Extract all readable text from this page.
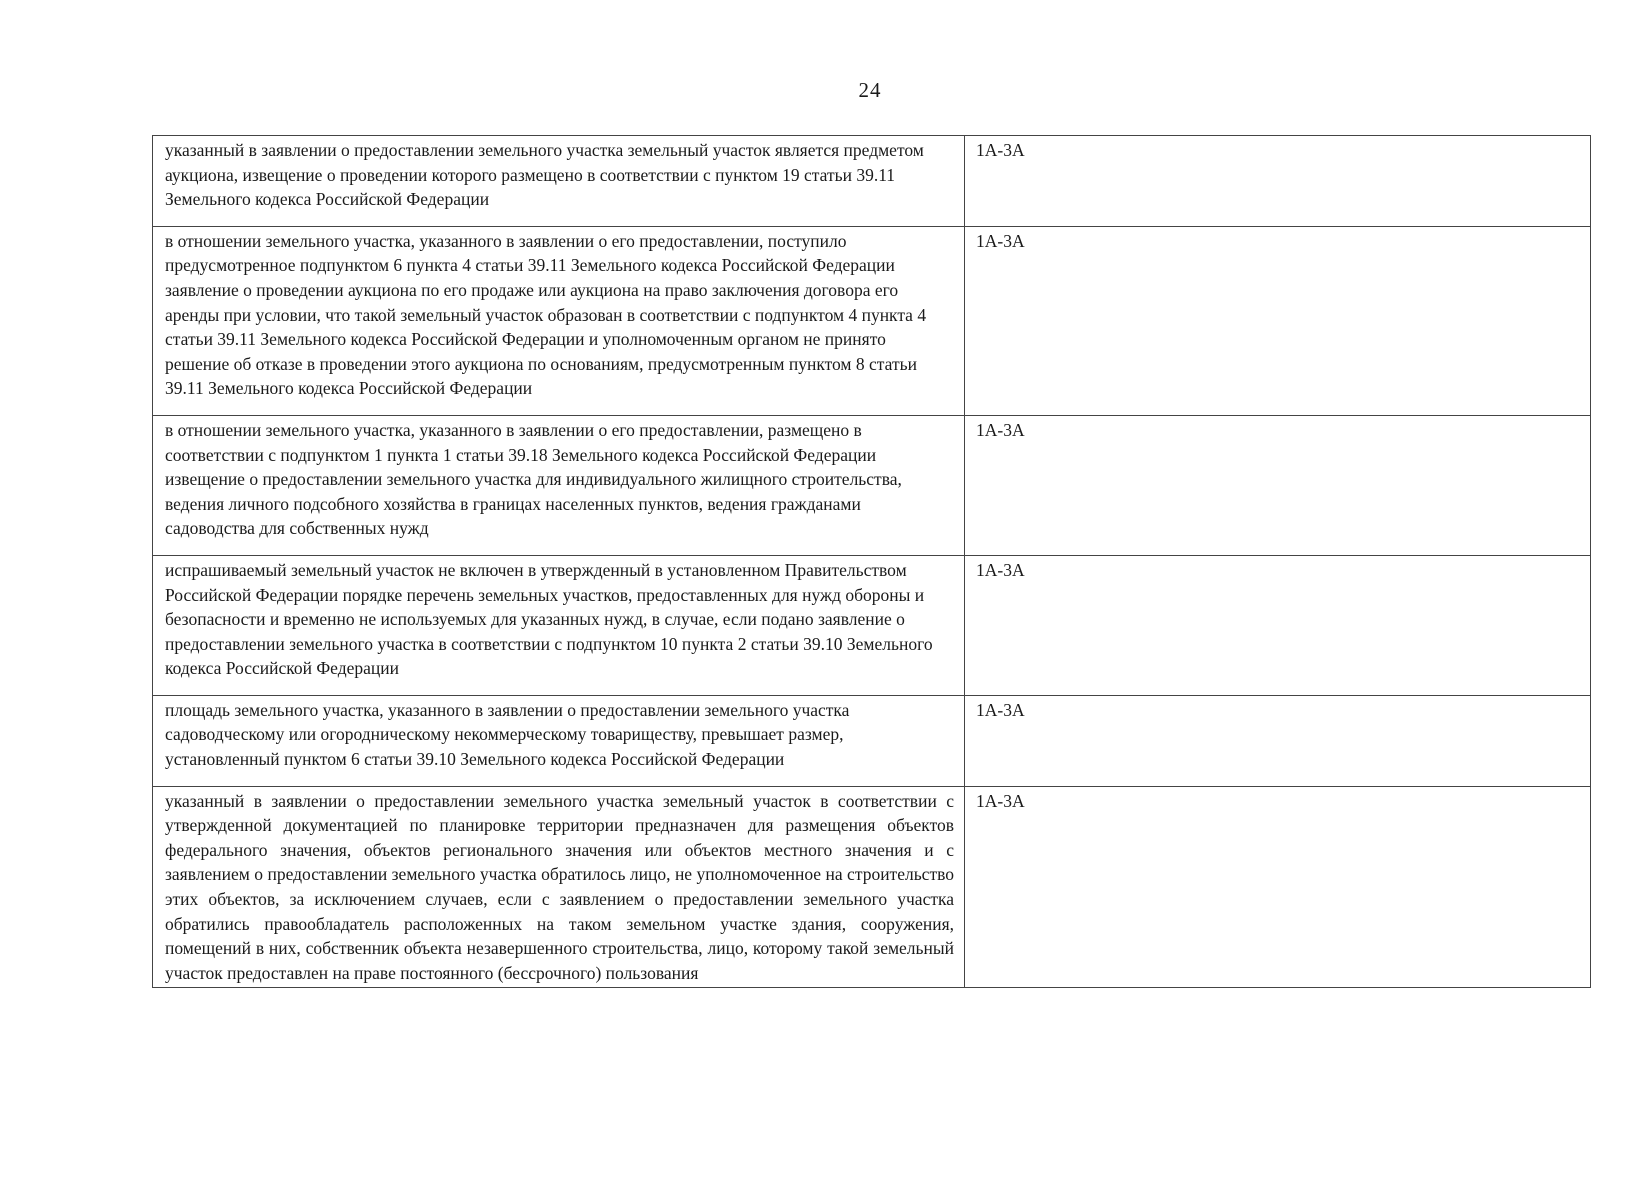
24
указанный в заявлении о предоставлении земельного участка земельный участок является предметом аукциона, извещение о проведении которого размещено в соответствии с пунктом 19 статьи 39.11 Земельного кодекса Российской Федерации	1А-3А
в отношении земельного участка, указанного в заявлении о его предоставлении, поступило предусмотренное подпунктом 6 пункта 4 статьи 39.11 Земельного кодекса Российской Федерации заявление о проведении аукциона по его продаже или аукциона на право заключения договора его аренды при условии, что такой земельный участок образован в соответствии с подпунктом 4 пункта 4 статьи 39.11 Земельного кодекса Российской Федерации и уполномоченным органом не принято решение об отказе в проведении этого аукциона по основаниям, предусмотренным пунктом 8 статьи 39.11 Земельного кодекса Российской Федерации	1А-3А
в отношении земельного участка, указанного в заявлении о его предоставлении, размещено в соответствии с подпунктом 1 пункта 1 статьи 39.18 Земельного кодекса Российской Федерации извещение о предоставлении земельного участка для индивидуального жилищного строительства, ведения личного подсобного хозяйства в границах населенных пунктов, ведения гражданами садоводства для собственных нужд	1А-3А
испрашиваемый земельный участок не включен в утвержденный в установленном Правительством Российской Федерации порядке перечень земельных участков, предоставленных для нужд обороны и безопасности и временно не используемых для указанных нужд, в случае, если подано заявление о предоставлении земельного участка в соответствии с подпунктом 10 пункта 2 статьи 39.10 Земельного кодекса Российской Федерации	1А-3А
площадь земельного участка, указанного в заявлении о предоставлении земельного участка садоводческому или огородническому некоммерческому товариществу, превышает размер, установленный пунктом 6 статьи 39.10 Земельного кодекса Российской Федерации	1А-3А
указанный в заявлении о предоставлении земельного участка земельный участок в соответствии с утвержденной документацией по планировке территории предназначен для размещения объектов федерального значения, объектов регионального значения или объектов местного значения и с заявлением о предоставлении земельного участка обратилось лицо, не уполномоченное на строительство этих объектов, за исключением случаев, если с заявлением о предоставлении земельного участка обратились правообладатель расположенных на таком земельном участке здания, сооружения, помещений в них, собственник объекта незавершенного строительства, лицо, которому такой земельный участок предоставлен на праве постоянного (бессрочного) пользования	1А-3А
